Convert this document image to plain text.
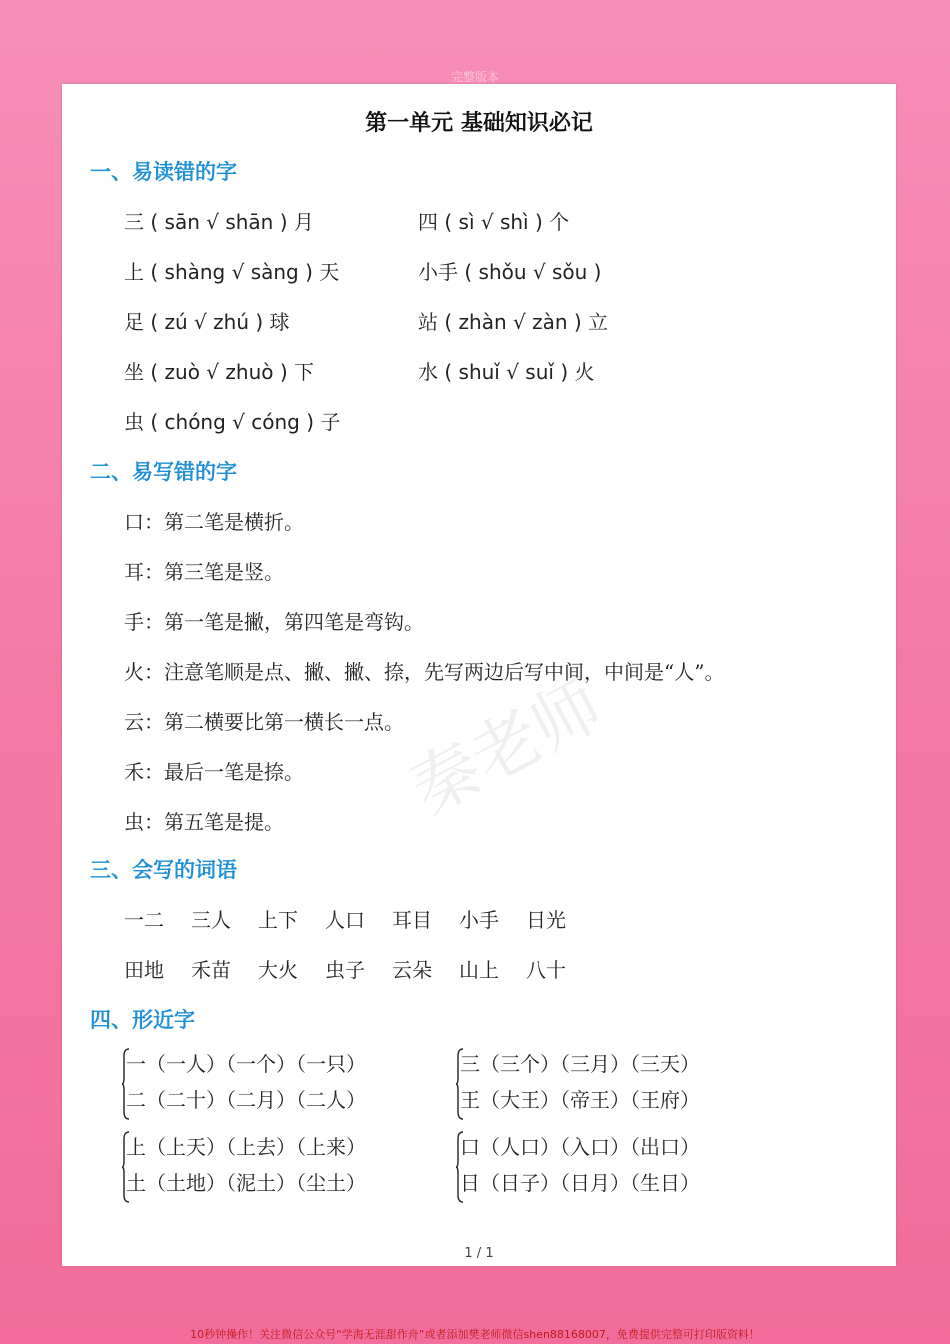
完整版本
秦老师
第一单元 基础知识必记
一、易读错的字
三 ( sān √ shān ) 月	四 ( sì √ shì ) 个
上 ( shàng √ sàng ) 天	小手 ( shǒu √ sǒu )
足 ( zú √ zhú ) 球	站 ( zhàn √ zàn ) 立
坐 ( zuò √ zhuò ) 下	水 ( shuǐ √ suǐ ) 火
虫 ( chóng √ cóng ) 子
二、易写错的字
口：第二笔是横折。
耳：第三笔是竖。
手：第一笔是撇，第四笔是弯钩。
火：注意笔顺是点、撇、撇、捺，先写两边后写中间，中间是“人”。
云：第二横要比第一横长一点。
禾：最后一笔是捺。
虫：第五笔是提。
三、会写的词语
一二 三人 上下 人口 耳目 小手 日光
田地 禾苗 大火 虫子 云朵 山上 八十
四、形近字
一（一人）（一个）（一只）
二（二十）（二月）（二人）
三（三个）（三月）（三天）
王（大王）（帝王）（王府）
上（上天）（上去）（上来）
土（土地）（泥土）（尘土）
口（人口）（入口）（出口）
日（日子）（日月）（生日）
1 / 1
10秒钟操作！关注微信公众号“学海无涯甜作舟”或者添加樊老师微信shen88168007，免费提供完整可打印版资料！
